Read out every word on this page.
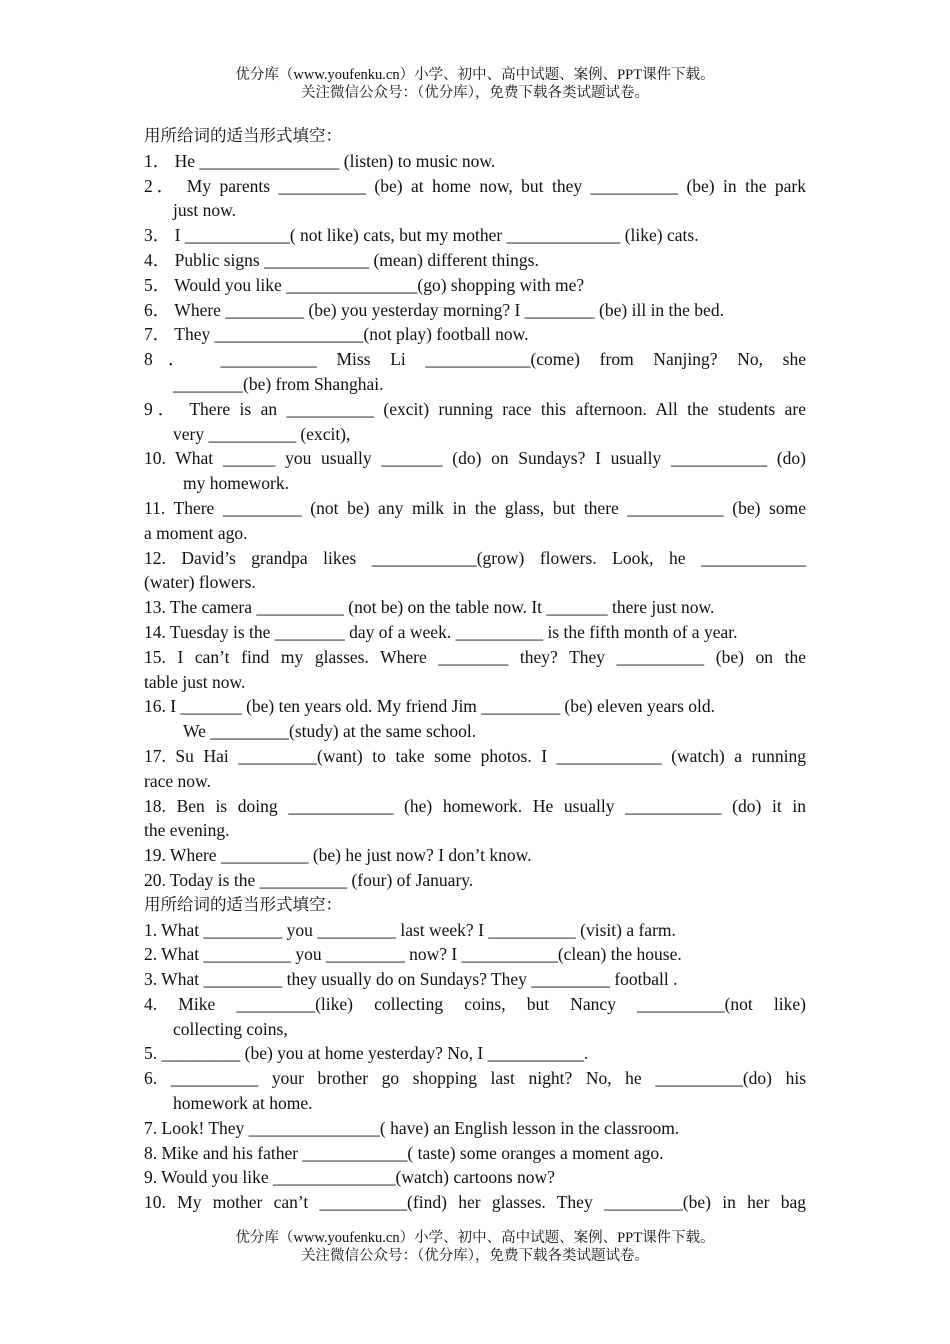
优分库（www.youfenku.cn）小学、初中、高中试题、案例、PPT课件下载。
关注微信公众号：（优分库），免费下载各类试题试卷。
用所给词的适当形式填空：
1． He ________________ (listen) to music now.
2． My parents __________ (be) at home now, but they __________ (be) in the park
just now.
3． I ____________( not like) cats, but my mother _____________ (like) cats.
4． Public signs ____________ (mean) different things.
5． Would you like _______________(go) shopping with me?
6． Where _________ (be) you yesterday morning? I ________ (be) ill in the bed.
7． They _________________(not play) football now.
8． ___________ Miss Li ____________(come) from Nanjing? No, she
________(be) from Shanghai.
9． There is an __________ (excit) running race this afternoon. All the students are
very __________ (excit),
10. What ______ you usually _______ (do) on Sundays? I usually ___________ (do)
my homework.
11. There _________ (not be) any milk in the glass, but there ___________ (be) some
a moment ago.
12. David’s grandpa likes ____________(grow) flowers. Look, he ____________
(water) flowers.
13. The camera __________ (not be) on the table now. It _______ there just now.
14. Tuesday is the ________ day of a week. __________ is the fifth month of a year.
15. I can’t find my glasses. Where ________ they? They __________ (be) on the
table just now.
16. I _______ (be) ten years old. My friend Jim _________ (be) eleven years old.
We _________(study) at the same school.
17. Su Hai _________(want) to take some photos. I ____________ (watch) a running
race now.
18. Ben is doing ____________ (he) homework. He usually ___________ (do) it in
the evening.
19. Where __________ (be) he just now? I don’t know.
20. Today is the __________ (four) of January.
用所给词的适当形式填空：
1. What _________ you _________ last week? I __________ (visit) a farm.
2. What __________ you _________ now? I ___________(clean) the house.
3. What _________ they usually do on Sundays? They _________ football .
4. Mike _________(like) collecting coins, but Nancy __________(not like)
collecting coins,
5. _________ (be) you at home yesterday? No, I ___________.
6. __________ your brother go shopping last night? No, he __________(do) his
homework at home.
7. Look! They _______________( have) an English lesson in the classroom.
8. Mike and his father ____________( taste) some oranges a moment ago.
9. Would you like ______________(watch) cartoons now?
10. My mother can’t __________(find) her glasses. They _________(be) in her bag
优分库（www.youfenku.cn）小学、初中、高中试题、案例、PPT课件下载。
关注微信公众号：（优分库），免费下载各类试题试卷。
